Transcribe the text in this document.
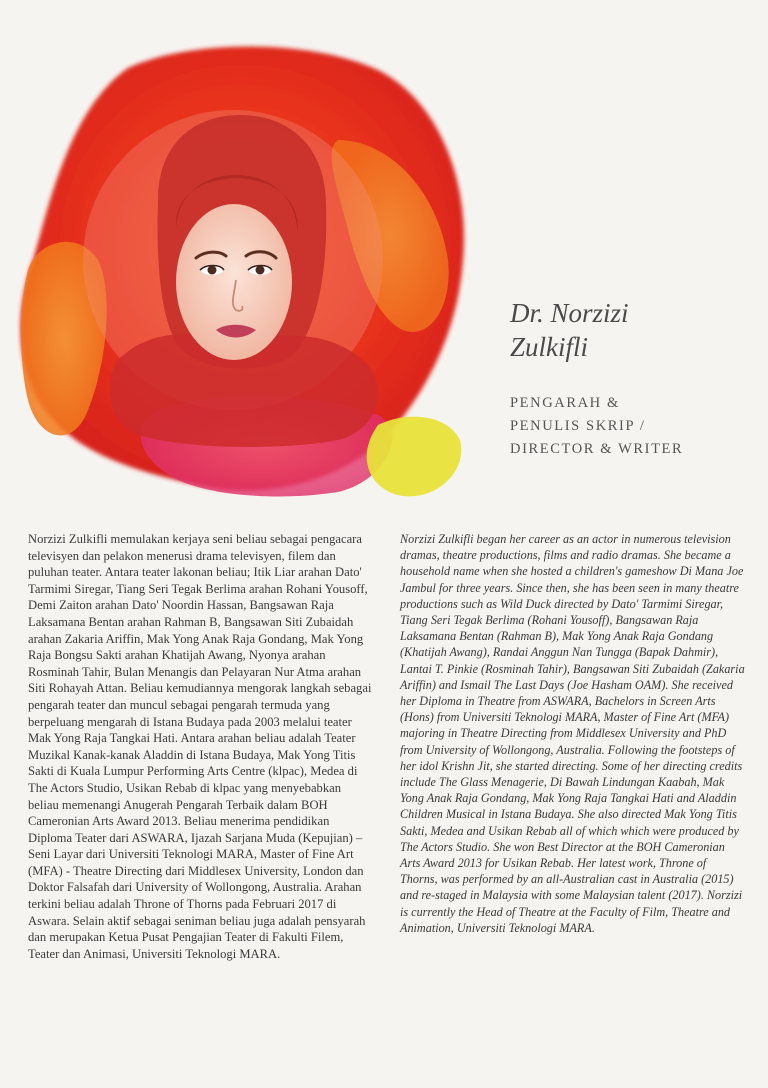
Dr. Norzizi
Zulkifli

PENGARAH &
PENULIS SKRIP /
DIRECTOR & WRITER

Norzizi Zulkifli memulakan kerjaya seni beliau sebagai pengacara televisyen dan pelakon menerusi drama televisyen, filem dan puluhan teater. Antara teater lakonan beliau; Itik Liar arahan Dato' Tarmimi Siregar, Tiang Seri Tegak Berlima arahan Rohani Yousoff, Demi Zaiton arahan Dato' Noordin Hassan, Bangsawan Raja Laksamana Bentan arahan Rahman B, Bangsawan Siti Zubaidah arahan Zakaria Ariffin, Mak Yong Anak Raja Gondang, Mak Yong Raja Bongsu Sakti arahan Khatijah Awang, Nyonya arahan Rosminah Tahir, Bulan Menangis dan Pelayaran Nur Atma arahan Siti Rohayah Attan. Beliau kemudiannya mengorak langkah sebagai pengarah teater dan muncul sebagai pengarah termuda yang berpeluang mengarah di Istana Budaya pada 2003 melalui teater Mak Yong Raja Tangkai Hati. Antara arahan beliau adalah Teater Muzikal Kanak-kanak Aladdin di Istana Budaya, Mak Yong Titis Sakti di Kuala Lumpur Performing Arts Centre (klpac), Medea di The Actors Studio, Usikan Rebab di klpac yang menyebabkan beliau memenangi Anugerah Pengarah Terbaik dalam BOH Cameronian Arts Award 2013. Beliau menerima pendidikan Diploma Teater dari ASWARA, Ijazah Sarjana Muda (Kepujian) – Seni Layar dari Universiti Teknologi MARA, Master of Fine Art (MFA) - Theatre Directing dari Middlesex University, London dan Doktor Falsafah dari University of Wollongong, Australia. Arahan terkini beliau adalah Throne of Thorns pada Februari 2017 di Aswara. Selain aktif sebagai seniman beliau juga adalah pensyarah dan merupakan Ketua Pusat Pengajian Teater di Fakulti Filem, Teater dan Animasi, Universiti Teknologi MARA.

Norzizi Zulkifli began her career as an actor in numerous television dramas, theatre productions, films and radio dramas. She became a household name when she hosted a children's gameshow Di Mana Joe Jambul for three years. Since then, she has been seen in many theatre productions such as Wild Duck directed by Dato' Tarmimi Siregar, Tiang Seri Tegak Berlima (Rohani Yousoff), Bangsawan Raja Laksamana Bentan (Rahman B), Mak Yong Anak Raja Gondang (Khatijah Awang), Randai Anggun Nan Tungga (Bapak Dahmir), Lantai T. Pinkie (Rosminah Tahir), Bangsawan Siti Zubaidah (Zakaria Ariffin) and Ismail The Last Days (Joe Hasham OAM). She received her Diploma in Theatre from ASWARA, Bachelors in Screen Arts (Hons) from Universiti Teknologi MARA, Master of Fine Art (MFA) majoring in Theatre Directing from Middlesex University and PhD from University of Wollongong, Australia. Following the footsteps of her idol Krishn Jit, she started directing. Some of her directing credits include The Glass Menagerie, Di Bawah Lindungan Kaabah, Mak Yong Anak Raja Gondang, Mak Yong Raja Tangkai Hati and Aladdin Children Musical in Istana Budaya. She also directed Mak Yong Titis Sakti, Medea and Usikan Rebab all of which which were produced by The Actors Studio. She won Best Director at the BOH Cameronian Arts Award 2013 for Usikan Rebab. Her latest work, Throne of Thorns, was performed by an all-Australian cast in Australia (2015) and re-staged in Malaysia with some Malaysian talent (2017). Norzizi is currently the Head of Theatre at the Faculty of Film, Theatre and Animation, Universiti Teknologi MARA.
